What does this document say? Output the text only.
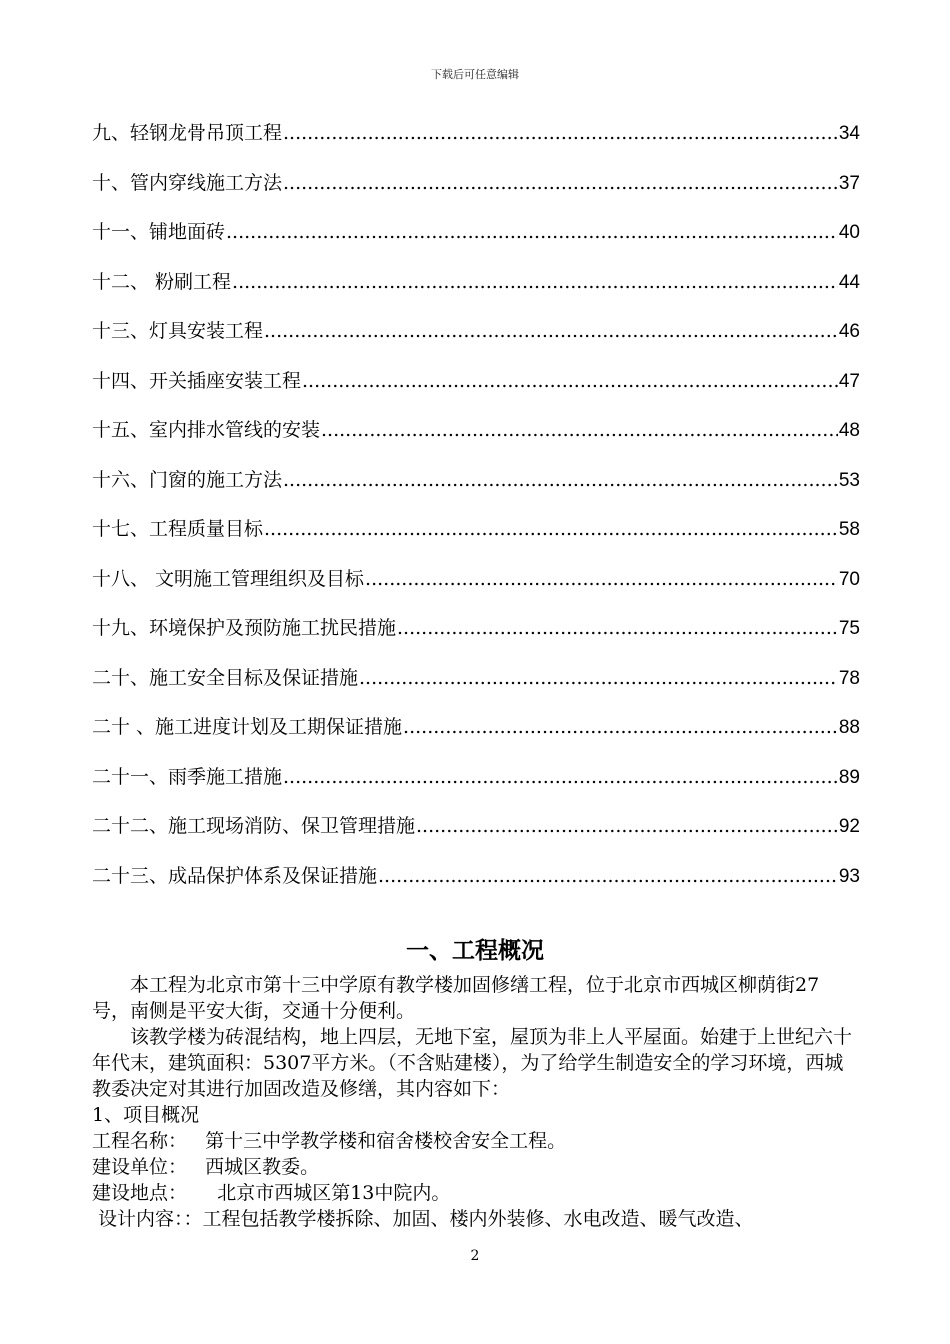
下载后可任意编辑
九、轻钢龙骨吊顶工程 .....	34
十、管内穿线施工方法 .....	37
十一、铺地面砖 .....	40
十二、 粉刷工程 .....	44
十三、灯具安装工程 .....	46
十四、开关插座安装工程 .....	47
十五、室内排水管线的安装 .....	48
十六、门窗的施工方法 .....	53
十七、工程质量目标 .....	58
十八、 文明施工管理组织及目标 .....	70
十九、环境保护及预防施工扰民措施 .....	75
二十、施工安全目标及保证措施 .....	78
二十 、施工进度计划及工期保证措施 .....	88
二十一、雨季施工措施 .....	89
二十二、施工现场消防、保卫管理措施 .....	92
二十三、成品保护体系及保证措施 .....	93
一、工程概况

本工程为北京市第十三中学原有教学楼加固修缮工程，位于北京市西城区柳荫街27 号，南侧是平安大街，交通十分便利。

该教学楼为砖混结构，地上四层，无地下室，屋顶为非上人平屋面。始建于上世纪六十年代末，建筑面积：5307平方米。（不含贴建楼），为了给学生制造安全的学习环境，西城教委决定对其进行加固改造及修缮，其内容如下：

1、项目概况

工程名称：   第十三中学教学楼和宿舍楼校舍安全工程。

建设单位：   西城区教委。

建设地点：     北京市西城区第13中院内。

设计内容：：工程包括教学楼拆除、加固、楼内外装修、水电改造、暖气改造、

2
